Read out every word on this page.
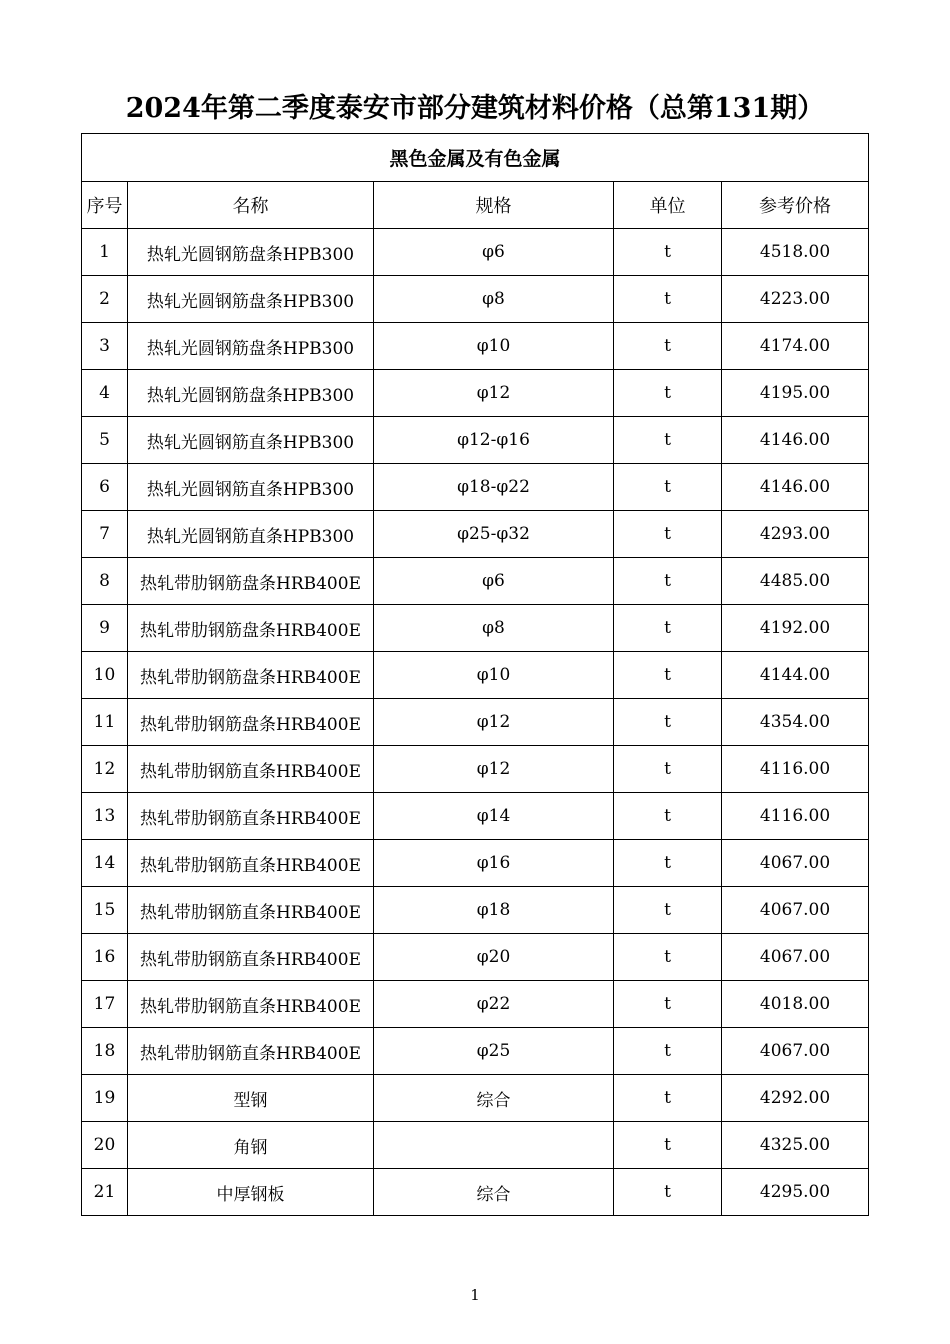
2024年第二季度泰安市部分建筑材料价格（总第131期）
黑色金属及有色金属				
序号	名称	规格	单位	参考价格
1	热轧光圆钢筋盘条HPB300	φ6	t	4518.00
2	热轧光圆钢筋盘条HPB300	φ8	t	4223.00
3	热轧光圆钢筋盘条HPB300	φ10	t	4174.00
4	热轧光圆钢筋盘条HPB300	φ12	t	4195.00
5	热轧光圆钢筋直条HPB300	φ12-φ16	t	4146.00
6	热轧光圆钢筋直条HPB300	φ18-φ22	t	4146.00
7	热轧光圆钢筋直条HPB300	φ25-φ32	t	4293.00
8	热轧带肋钢筋盘条HRB400E	φ6	t	4485.00
9	热轧带肋钢筋盘条HRB400E	φ8	t	4192.00
10	热轧带肋钢筋盘条HRB400E	φ10	t	4144.00
11	热轧带肋钢筋盘条HRB400E	φ12	t	4354.00
12	热轧带肋钢筋直条HRB400E	φ12	t	4116.00
13	热轧带肋钢筋直条HRB400E	φ14	t	4116.00
14	热轧带肋钢筋直条HRB400E	φ16	t	4067.00
15	热轧带肋钢筋直条HRB400E	φ18	t	4067.00
16	热轧带肋钢筋直条HRB400E	φ20	t	4067.00
17	热轧带肋钢筋直条HRB400E	φ22	t	4018.00
18	热轧带肋钢筋直条HRB400E	φ25	t	4067.00
19	型钢	综合	t	4292.00
20	角钢		t	4325.00
21	中厚钢板	综合	t	4295.00
1
